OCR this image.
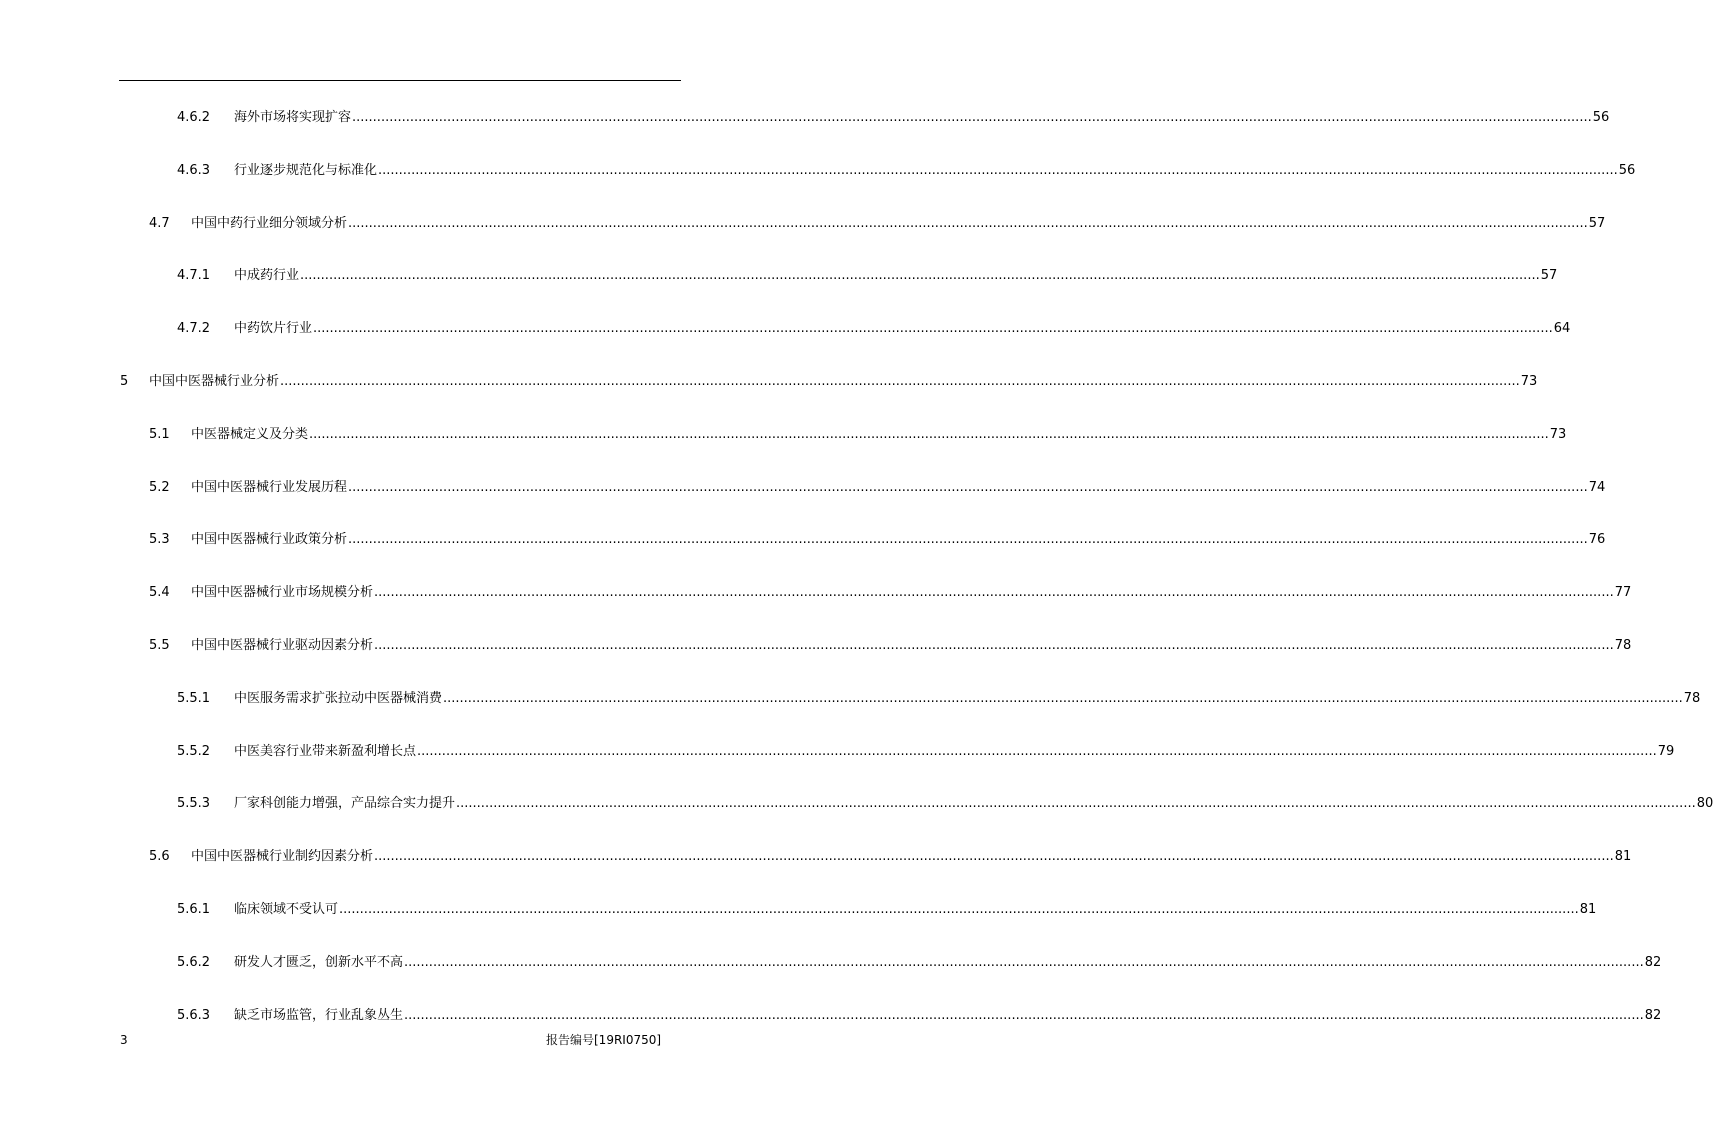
4.6.2 海外市场将实现扩容 ............................................................................................................................................................................................................................................................................................................ 56
4.6.3 行业逐步规范化与标准化 ............................................................................................................................................................................................................................................................................................................ 56
4.7 中国中药行业细分领域分析 ............................................................................................................................................................................................................................................................................................................ 57
4.7.1 中成药行业 ............................................................................................................................................................................................................................................................................................................ 57
4.7.2 中药饮片行业 ............................................................................................................................................................................................................................................................................................................ 64
5 中国中医器械行业分析 ............................................................................................................................................................................................................................................................................................................ 73
5.1 中医器械定义及分类 ............................................................................................................................................................................................................................................................................................................ 73
5.2 中国中医器械行业发展历程 ............................................................................................................................................................................................................................................................................................................ 74
5.3 中国中医器械行业政策分析 ............................................................................................................................................................................................................................................................................................................ 76
5.4 中国中医器械行业市场规模分析 ............................................................................................................................................................................................................................................................................................................ 77
5.5 中国中医器械行业驱动因素分析 ............................................................................................................................................................................................................................................................................................................ 78
5.5.1 中医服务需求扩张拉动中医器械消费 ............................................................................................................................................................................................................................................................................................................ 78
5.5.2 中医美容行业带来新盈利增长点 ............................................................................................................................................................................................................................................................................................................ 79
5.5.3 厂家科创能力增强，产品综合实力提升 ............................................................................................................................................................................................................................................................................................................ 80
5.6 中国中医器械行业制约因素分析 ............................................................................................................................................................................................................................................................................................................ 81
5.6.1 临床领域不受认可 ............................................................................................................................................................................................................................................................................................................ 81
5.6.2 研发人才匮乏，创新水平不高 ............................................................................................................................................................................................................................................................................................................ 82
5.6.3 缺乏市场监管，行业乱象丛生 ............................................................................................................................................................................................................................................................................................................ 82
3	报告编号[19RI0750]
